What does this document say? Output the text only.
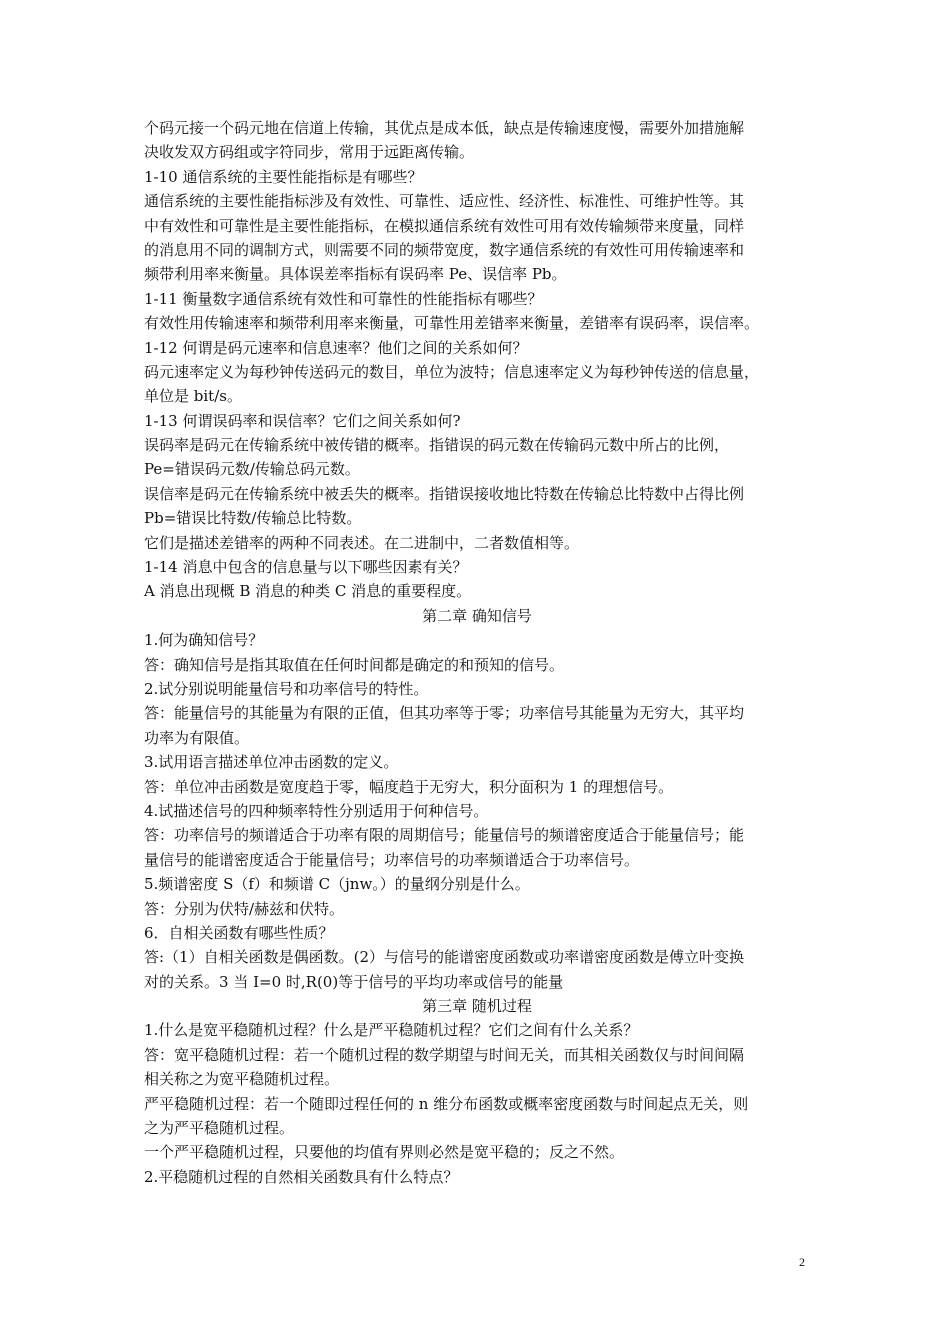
个码元接一个码元地在信道上传输，其优点是成本低，缺点是传输速度慢，需要外加措施解
决收发双方码组或字符同步，常用于远距离传输。
1-10 通信系统的主要性能指标是有哪些？
通信系统的主要性能指标涉及有效性、可靠性、适应性、经济性、标准性、可维护性等。其
中有效性和可靠性是主要性能指标，在模拟通信系统有效性可用有效传输频带来度量，同样
的消息用不同的调制方式，则需要不同的频带宽度，数字通信系统的有效性可用传输速率和
频带利用率来衡量。具体误差率指标有误码率 Pe、误信率 Pb。
1-11 衡量数字通信系统有效性和可靠性的性能指标有哪些？
有效性用传输速率和频带利用率来衡量，可靠性用差错率来衡量，差错率有误码率，误信率。
1-12 何谓是码元速率和信息速率？他们之间的关系如何？
码元速率定义为每秒钟传送码元的数目，单位为波特；信息速率定义为每秒钟传送的信息量，
单位是 bit/s。
1-13 何谓误码率和误信率？它们之间关系如何?
误码率是码元在传输系统中被传错的概率。指错误的码元数在传输码元数中所占的比例，
Pe=错误码元数/传输总码元数。
误信率是码元在传输系统中被丢失的概率。指错误接收地比特数在传输总比特数中占得比例
Pb=错误比特数/传输总比特数。
它们是描述差错率的两种不同表述。在二进制中，二者数值相等。
1-14 消息中包含的信息量与以下哪些因素有关？
A 消息出现概 B 消息的种类 C 消息的重要程度。
第二章 确知信号
1.何为确知信号？
答：确知信号是指其取值在任何时间都是确定的和预知的信号。
2.试分别说明能量信号和功率信号的特性。
答：能量信号的其能量为有限的正值，但其功率等于零；功率信号其能量为无穷大，其平均
功率为有限值。
3.试用语言描述单位冲击函数的定义。
答：单位冲击函数是宽度趋于零，幅度趋于无穷大，积分面积为 1 的理想信号。
4.试描述信号的四种频率特性分别适用于何种信号。
答：功率信号的频谱适合于功率有限的周期信号；能量信号的频谱密度适合于能量信号；能
量信号的能谱密度适合于能量信号；功率信号的功率频谱适合于功率信号。
5.频谱密度 S（f）和频谱 C（jnw。）的量纲分别是什么。
答：分别为伏特/赫兹和伏特。
6．自相关函数有哪些性质？
答:（1）自相关函数是偶函数。(2）与信号的能谱密度函数或功率谱密度函数是傅立叶变换
对的关系。3 当 I=0 时,R(0)等于信号的平均功率或信号的能量
第三章 随机过程
1.什么是宽平稳随机过程？什么是严平稳随机过程？它们之间有什么关系？
答：宽平稳随机过程：若一个随机过程的数学期望与时间无关，而其相关函数仅与时间间隔
相关称之为宽平稳随机过程。
严平稳随机过程：若一个随即过程任何的 n 维分布函数或概率密度函数与时间起点无关，则
之为严平稳随机过程。
一个严平稳随机过程，只要他的均值有界则必然是宽平稳的；反之不然。
2.平稳随机过程的自然相关函数具有什么特点？
2
